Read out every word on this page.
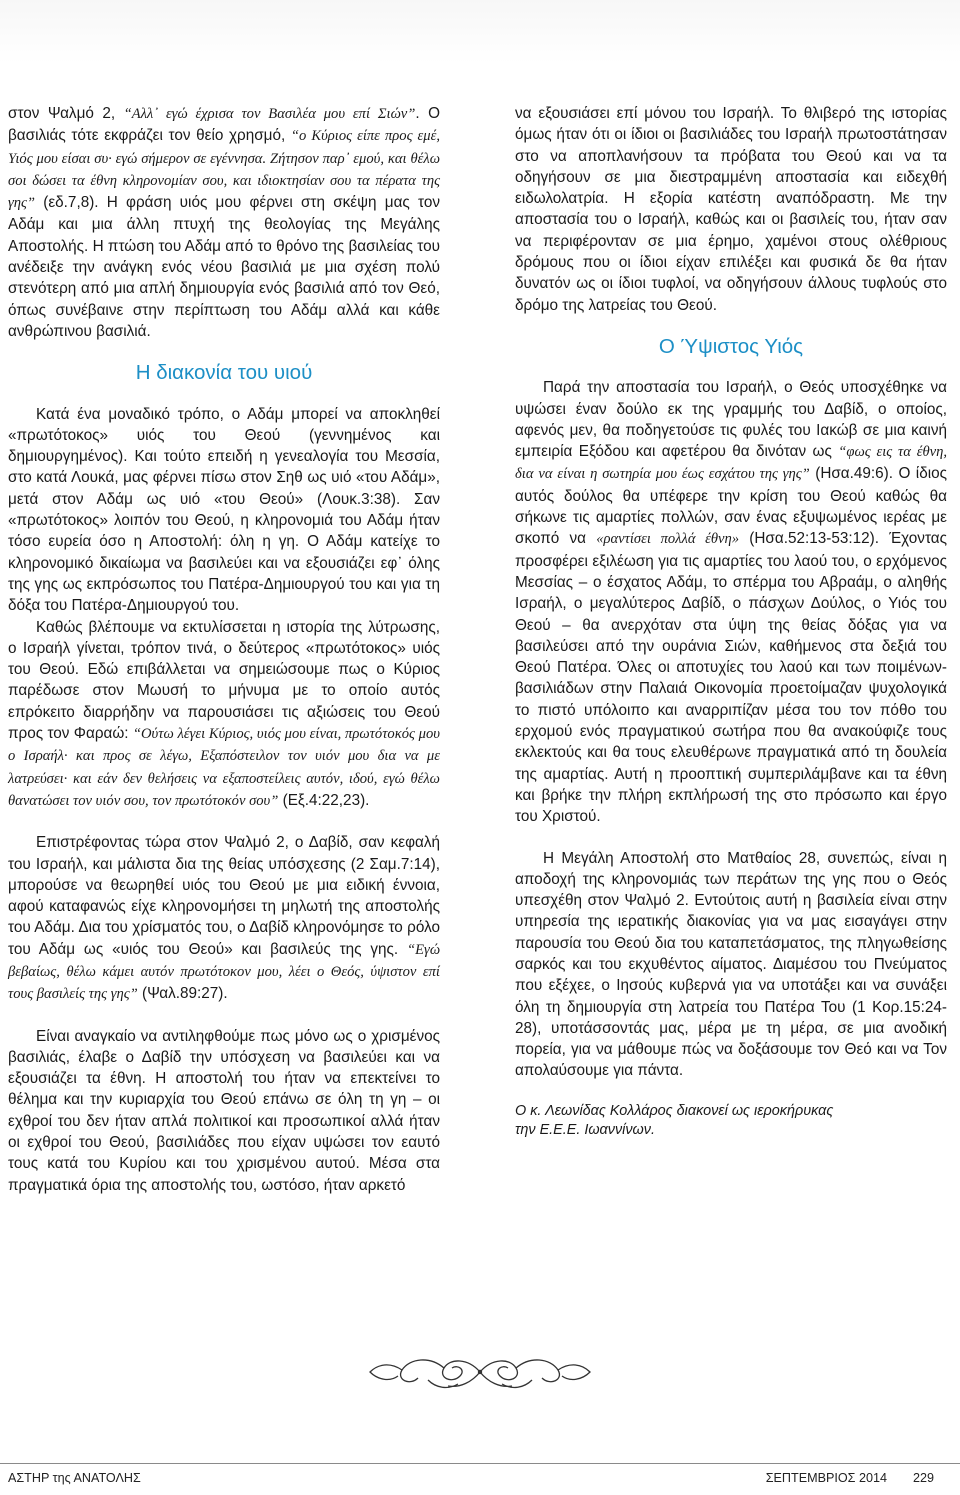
στον Ψαλμό 2, “Αλλ᾽ εγώ έχρισα τον Βασιλέα μου επί Σιών”. Ο βασιλιάς τότε εκφράζει τον θείο χρησμό, “ο Κύριος είπε προς εμέ, Υιός μου είσαι συ· εγώ σήμερον σε εγέννησα. Ζήτησον παρ᾽ εμού, και θέλω σοι δώσει τα έθνη κληρονομίαν σου, και ιδιοκτησίαν σου τα πέρατα της γης” (εδ.7,8). Η φράση υιός μου φέρνει στη σκέψη μας τον Αδάμ και μια άλλη πτυχή της θεολογίας της Μεγάλης Αποστολής. Η πτώση του Αδάμ από το θρόνο της βασιλείας του ανέδειξε την ανάγκη ενός νέου βασιλιά με μια σχέση πολύ στενότερη από μια απλή δημιουργία ενός βασιλιά από τον Θεό, όπως συνέβαινε στην περίπτωση του Αδάμ αλλά και κάθε ανθρώπινου βασιλιά.

Η διακονία του υιού

Κατά ένα μοναδικό τρόπο, ο Αδάμ μπορεί να αποκληθεί «πρωτότοκος» υιός του Θεού (γεννημένος και δημιουργημένος). Και τούτο επειδή η γενεαλογία του Μεσσία, στο κατά Λουκά, μας φέρνει πίσω στον Σηθ ως υιό «του Αδάμ», μετά στον Αδάμ ως υιό «του Θεού» (Λουκ.3:38). Σαν «πρωτότοκος» λοιπόν του Θεού, η κληρονομιά του Αδάμ ήταν τόσο ευρεία όσο η Αποστολή: όλη η γη. Ο Αδάμ κατείχε το κληρονομικό δικαίωμα να βασιλεύει και να εξουσιάζει εφ᾽ όλης της γης ως εκπρόσωπος του Πατέρα-Δημιουργού του και για τη δόξα του Πατέρα-Δημιουργού του.

Καθώς βλέπουμε να εκτυλίσσεται η ιστορία της λύτρωσης, ο Ισραήλ γίνεται, τρόπον τινά, ο δεύτερος «πρωτότοκος» υιός του Θεού. Εδώ επιβάλλεται να σημειώσουμε πως ο Κύριος παρέδωσε στον Μωυσή το μήνυμα με το οποίο αυτός επρόκειτο διαρρήδην να παρουσιάσει τις αξιώσεις του Θεού προς τον Φαραώ: “Ούτω λέγει Κύριος, υιός μου είναι, πρωτότοκός μου ο Ισραήλ· και προς σε λέγω, Εξαπόστειλον τον υιόν μου δια να με λατρεύσει· και εάν δεν θελήσεις να εξαποστείλεις αυτόν, ιδού, εγώ θέλω θανατώσει τον υιόν σου, τον πρωτότοκόν σου” (Εξ.4:22,23).

Επιστρέφοντας τώρα στον Ψαλμό 2, ο Δαβίδ, σαν κεφαλή του Ισραήλ, και μάλιστα δια της θείας υπόσχεσης (2 Σαμ.7:14), μπορούσε να θεωρηθεί υιός του Θεού με μια ειδική έννοια, αφού καταφανώς είχε κληρονομήσει τη μηλωτή της αποστολής του Αδάμ. Δια του χρίσματός του, ο Δαβίδ κληρονόμησε το ρόλο του Αδάμ ως «υιός του Θεού» και βασιλεύς της γης. “Εγώ βεβαίως, θέλω κάμει αυτόν πρωτότοκον μου, λέει ο Θεός, ύψιστον επί τους βασιλείς της γης” (Ψαλ.89:27).

Είναι αναγκαίο να αντιληφθούμε πως μόνο ως ο χρισμένος βασιλιάς, έλαβε ο Δαβίδ την υπόσχεση να βασιλεύει και να εξουσιάζει τα έθνη. Η αποστολή του ήταν να επεκτείνει το θέλημα και την κυριαρχία του Θεού επάνω σε όλη τη γη – οι εχθροί του δεν ήταν απλά πολιτικοί και προσωπικοί αλλά ήταν οι εχθροί του Θεού, βασιλιάδες που είχαν υψώσει τον εαυτό τους κατά του Κυρίου και του χρισμένου αυτού. Μέσα στα πραγματικά όρια της αποστολής του, ωστόσο, ήταν αρκετό

να εξουσιάσει επί μόνου του Ισραήλ. Το θλιβερό της ιστορίας όμως ήταν ότι οι ίδιοι οι βασιλιάδες του Ισραήλ πρωτοστάτησαν στο να αποπλανήσουν τα πρόβατα του Θεού και να τα οδηγήσουν σε μια διεστραμμένη αποστασία και ειδεχθή ειδωλολατρία. Η εξορία κατέστη αναπόδραστη. Με την αποστασία του ο Ισραήλ, καθώς και οι βασιλείς του, ήταν σαν να περιφέρονταν σε μια έρημο, χαμένοι στους ολέθριους δρόμους που οι ίδιοι είχαν επιλέξει και φυσικά δε θα ήταν δυνατόν ως οι ίδιοι τυφλοί, να οδηγήσουν άλλους τυφλούς στο δρόμο της λατρείας του Θεού.

Ο Ύψιστος Υιός

Παρά την αποστασία του Ισραήλ, ο Θεός υποσχέθηκε να υψώσει έναν δούλο εκ της γραμμής του Δαβίδ, ο οποίος, αφενός μεν, θα ποδηγετούσε τις φυλές του Ιακώβ σε μια καινή εμπειρία Εξόδου και αφετέρου θα δινόταν ως “φως εις τα έθνη, δια να είναι η σωτηρία μου έως εσχάτου της γης” (Ησα.49:6). Ο ίδιος αυτός δούλος θα υπέφερε την κρίση του Θεού καθώς θα σήκωνε τις αμαρτίες πολλών, σαν ένας εξυψωμένος ιερέας με σκοπό να «ραντίσει πολλά έθνη» (Ησα.52:13-53:12). Έχοντας προσφέρει εξιλέωση για τις αμαρτίες του λαού του, ο ερχόμενος Μεσσίας – ο έσχατος Αδάμ, το σπέρμα του Αβραάμ, ο αληθής Ισραήλ, ο μεγαλύτερος Δαβίδ, ο πάσχων Δούλος, ο Υιός του Θεού – θα ανερχόταν στα ύψη της θείας δόξας για να βασιλεύσει από την ουράνια Σιών, καθήμενος στα δεξιά του Θεού Πατέρα. Όλες οι αποτυχίες του λαού και των ποιμένων-βασιλιάδων στην Παλαιά Οικονομία προετοίμαζαν ψυχολογικά το πιστό υπόλοιπο και αναρριπίζαν μέσα του τον πόθο του ερχομού ενός πραγματικού σωτήρα που θα ανακούφιζε τους εκλεκτούς και θα τους ελευθέρωνε πραγματικά από τη δουλεία της αμαρτίας. Αυτή η προοπτική συμπεριλάμβανε και τα έθνη και βρήκε την πλήρη εκπλήρωσή της στο πρόσωπο και έργο του Χριστού.

Η Μεγάλη Αποστολή στο Ματθαίος 28, συνεπώς, είναι η αποδοχή της κληρονομιάς των περάτων της γης που ο Θεός υπεσχέθη στον Ψαλμό 2. Εντούτοις αυτή η βασιλεία είναι στην υπηρεσία της ιερατικής διακονίας για να μας εισαγάγει στην παρουσία του Θεού δια του καταπετάσματος, της πληγωθείσης σαρκός και του εκχυθέντος αίματος. Διαμέσου του Πνεύματος που εξέχεε, ο Ιησούς κυβερνά για να υποτάξει και να συνάξει όλη τη δημιουργία στη λατρεία του Πατέρα Του (1 Κορ.15:24-28), υποτάσσοντάς μας, μέρα με τη μέρα, σε μια ανοδική πορεία, για να μάθουμε πώς να δοξάσουμε τον Θεό και να Τον απολαύσουμε για πάντα.

Ο κ. Λεωνίδας Κολλάρος διακονεί ως ιεροκήρυκας
την Ε.Ε.Ε. Ιωαννίνων.
ΑΣΤΗΡ της ΑΝΑΤΟΛΗΣ	ΣΕΠΤΕΜΒΡΙΟΣ 2014 229
